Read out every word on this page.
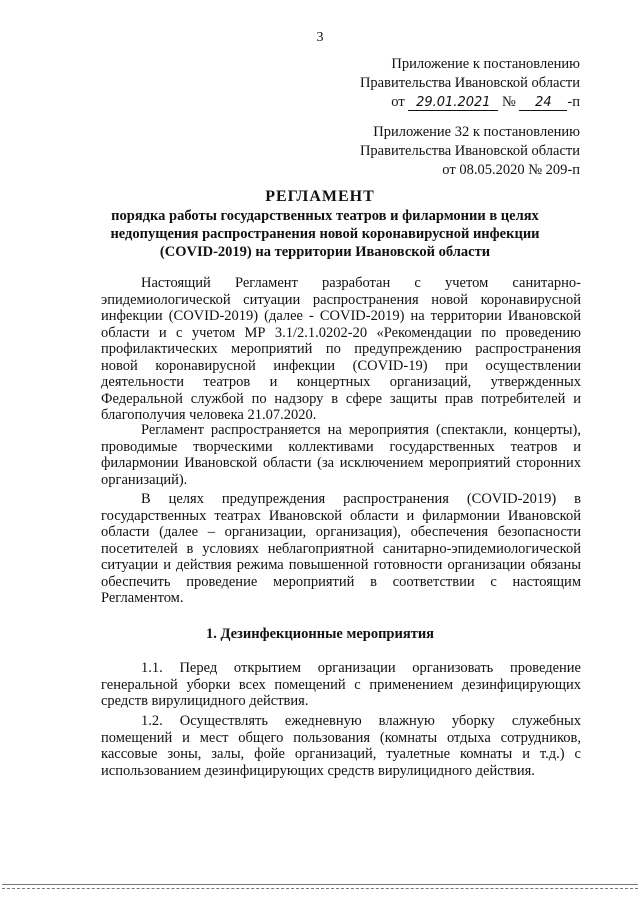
3
Приложение к постановлению
Правительства Ивановской области
от 29.01.2021 № 24 -п
Приложение 32 к постановлению
Правительства Ивановской области
от 08.05.2020 № 209-п
РЕГЛАМЕНТ
порядка работы государственных театров и филармонии в целях недопущения распространения новой коронавирусной инфекции (COVID-2019) на территории Ивановской области

Настоящий Регламент разработан с учетом санитарно-эпидемиологической ситуации распространения новой коронавирусной инфекции (COVID-2019) (далее - COVID-2019) на территории Ивановской области и с учетом МР 3.1/2.1.0202-20 «Рекомендации по проведению профилактических мероприятий по предупреждению распространения новой коронавирусной инфекции (COVID-19) при осуществлении деятельности театров и концертных организаций, утвержденных Федеральной службой по надзору в сфере защиты прав потребителей и благополучия человека 21.07.2020.

Регламент распространяется на мероприятия (спектакли, концерты), проводимые творческими коллективами государственных театров и филармонии Ивановской области (за исключением мероприятий сторонних организаций).

В целях предупреждения распространения (COVID-2019) в государственных театрах Ивановской области и филармонии Ивановской области (далее – организации, организация), обеспечения безопасности посетителей в условиях неблагоприятной санитарно-эпидемиологической ситуации и действия режима повышенной готовности организации обязаны обеспечить проведение мероприятий в соответствии с настоящим Регламентом.

1. Дезинфекционные мероприятия

1.1. Перед открытием организации организовать проведение генеральной уборки всех помещений с применением дезинфицирующих средств вирулицидного действия.

1.2. Осуществлять ежедневную влажную уборку служебных помещений и мест общего пользования (комнаты отдыха сотрудников, кассовые зоны, залы, фойе организаций, туалетные комнаты и т.д.) с использованием дезинфицирующих средств вирулицидного действия.
